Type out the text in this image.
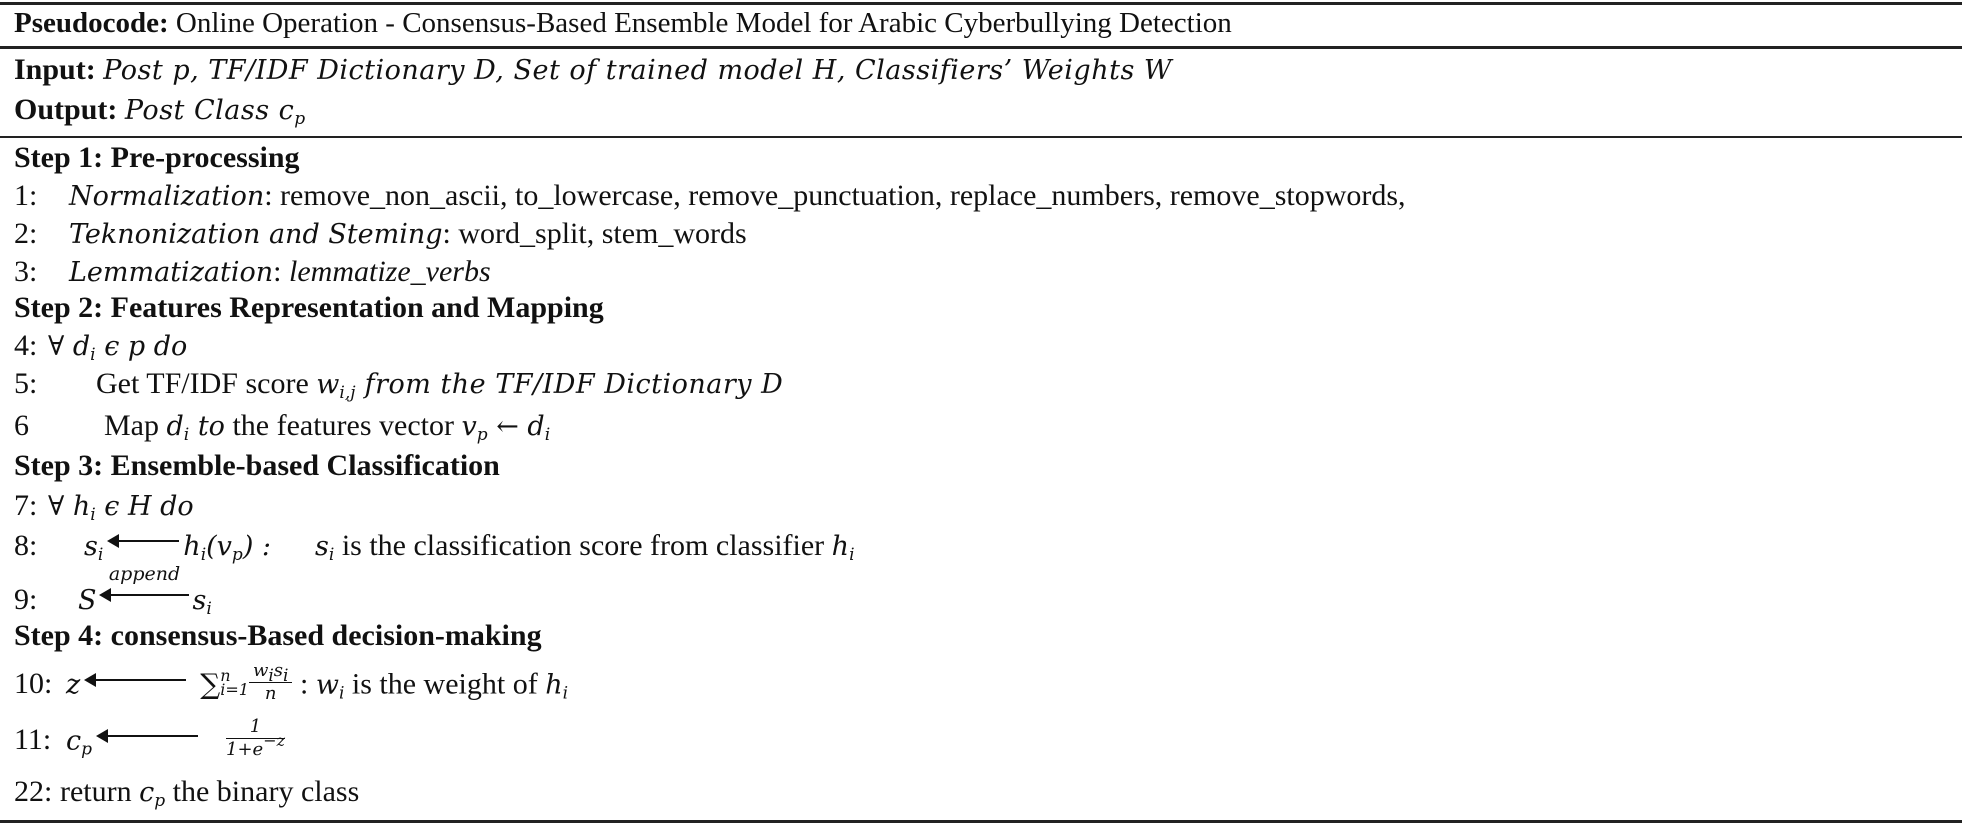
Pseudocode: Online Operation - Consensus-Based Ensemble Model for Arabic Cyberbullying Detection
Input: Post p, TF/IDF Dictionary D, Set of trained model H, Classifiers’ Weights W
Output: Post Class $c_p$
Step 1: Pre-processing
1: Normalization: remove_non_ascii, to_lowercase, remove_punctuation, replace_numbers, remove_stopwords,
2: Teknonization and Steming: word_split, stem_words
3: Lemmatization: lemmatize_verbs
Step 2: Features Representation and Mapping
4: ∀ $d_i$ ϵ p do
5: Get TF/IDF score $w_{i,j}$ from the TF/IDF Dictionary D
6	Map $d_i$ to the features vector $v_p$ ← $d_i$
Step 3: Ensemble-based Classification
7: ∀ $h_i$ ϵ H do
8: $s_i$	$h_i(v_p)$ : $s_i$ is the classification score from classifier $h_i$
9: S
append
$s_i$
Step 4: consensus-Based decision-making
10: z	∑ n
$i=1 \frac{w_is_i}{n}$ : $w_i$ is the weight of $h_i$
11: $c_p$	$\frac{1}{1+e^{-z}}$
22: return $c_p$ the binary class
